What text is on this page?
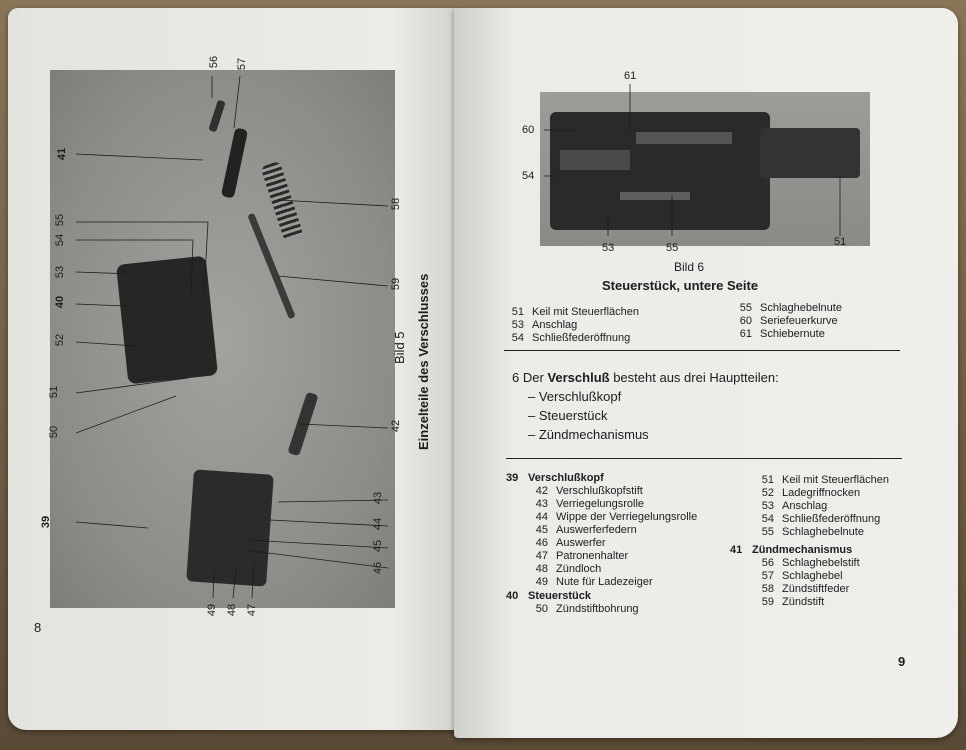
56 57
41
58
55
54
53
40
52
59
51
50	42
39
43
44
45
46
49 48 47
Bild 5 Einzelteile des Verschlusses
8
61
60
54
53	55	51
Bild 6
Steuerstück, untere Seite
51 Keil mit Steuerflächen
53 Anschlag
54 Schließfederöffnung
55 Schlaghebelnute
60 Seriefeuerkurve
61 Schiebernute
6 Der Verschluß besteht aus drei Hauptteilen:
– Verschlußkopf
– Steuerstück
– Zündmechanismus
39 Verschlußkopf
42 Verschlußkopfstift
43 Verriegelungsrolle
44 Wippe der Verriegelungsrolle
45 Auswerferfedern
46 Auswerfer
47 Patronenhalter
48 Zündloch
49 Nute für Ladezeiger
40 Steuerstück
50 Zündstiftbohrung
51 Keil mit Steuerflächen
52 Ladegriffnocken
53 Anschlag
54 Schließfederöffnung
55 Schlaghebelnute
41 Zündmechanismus
56 Schlaghebelstift
57 Schlaghebel
58 Zündstiftfeder
59 Zündstift
9
